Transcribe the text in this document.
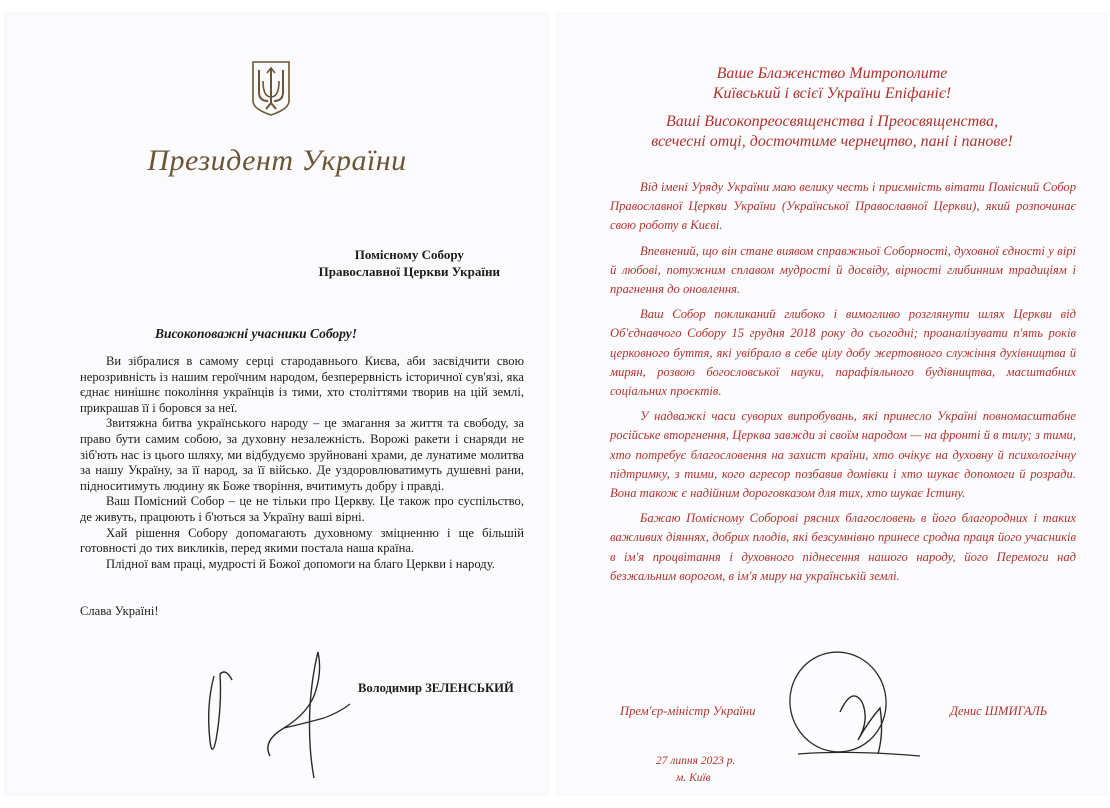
Президент України
Помісному Собору
Православної Церкви України
Високоповажні учасники Собору!

Ви зібралися в самому серці стародавнього Києва, аби засвідчити свою нерозривність із нашим героїчним народом, безперервність історичної сув'язі, яка єднає нинішнє покоління українців із тими, хто століттями творив на цій землі, прикрашав її і боровся за неї.

Звитяжна битва українського народу – це змагання за життя та свободу, за право бути самим собою, за духовну незалежність. Ворожі ракети і снаряди не зіб'ють нас із цього шляху, ми відбудуємо зруйновані храми, де лунатиме молитва за нашу Україну, за її народ, за її військо. Де уздоровлюватимуть душевні рани, підноситимуть людину як Боже творіння, вчитимуть добру і правді.

Ваш Помісний Собор – це не тільки про Церкву. Це також про суспільство, де живуть, працюють і б'ються за Україну ваші вірні.

Хай рішення Собору допомагають духовному зміцненню і ще більшій готовності до тих викликів, перед якими постала наша країна.

Плідної вам праці, мудрості й Божої допомоги на благо Церкви і народу.

Слава Україні!
Володимир ЗЕЛЕНСЬКИЙ
Ваше Блаженство Митрополите
Київський і всієї України Епіфаніє!
Ваші Високопреосвященства і Преосвященства,
всечесні отці, досточтиме чернецтво, пані і панове!

Від імені Уряду України маю велику честь і приємність вітати Помісний Собор Православної Церкви України (Української Православної Церкви), який розпочинає свою роботу в Києві.

Впевнений, що він стане виявом справжньої Соборності, духовної єдності у вірі й любові, потужним сплавом мудрості й досвіду, вірності глибинним традиціям і прагнення до оновлення.

Ваш Собор покликаний глибоко і вимогливо розглянути шлях Церкви від Об'єднавчого Собору 15 грудня 2018 року до сьогодні; проаналізувати п'ять років церковного буття, які увібрало в себе цілу добу жертовного служіння духівництва й мирян, розвою богословської науки, парафіяльного будівництва, масштабних соціальних проєктів.

У надважкі часи суворих випробувань, які принесло Україні повномасштабне російське вторгнення, Церква завжди зі своїм народом — на фронті й в тилу; з тими, хто потребує благословення на захист країни, хто очікує на духовну й психологічну підтримку, з тими, кого агресор позбавив домівки і хто шукає допомоги й розради. Вона також є надійним дороговказом для тих, хто шукає Істину.

Бажаю Помісному Соборові рясних благословень в його благородних і таких важливих діяннях, добрих плодів, які безсумнівно принесе сродна праця його учасників в ім'я процвітання і духовного піднесення нашого народу, його Перемоги над безжальним ворогом, в ім'я миру на українській землі.

Прем'єр-міністр України	Денис ШМИГАЛЬ
27 липня 2023 р.
м. Київ
